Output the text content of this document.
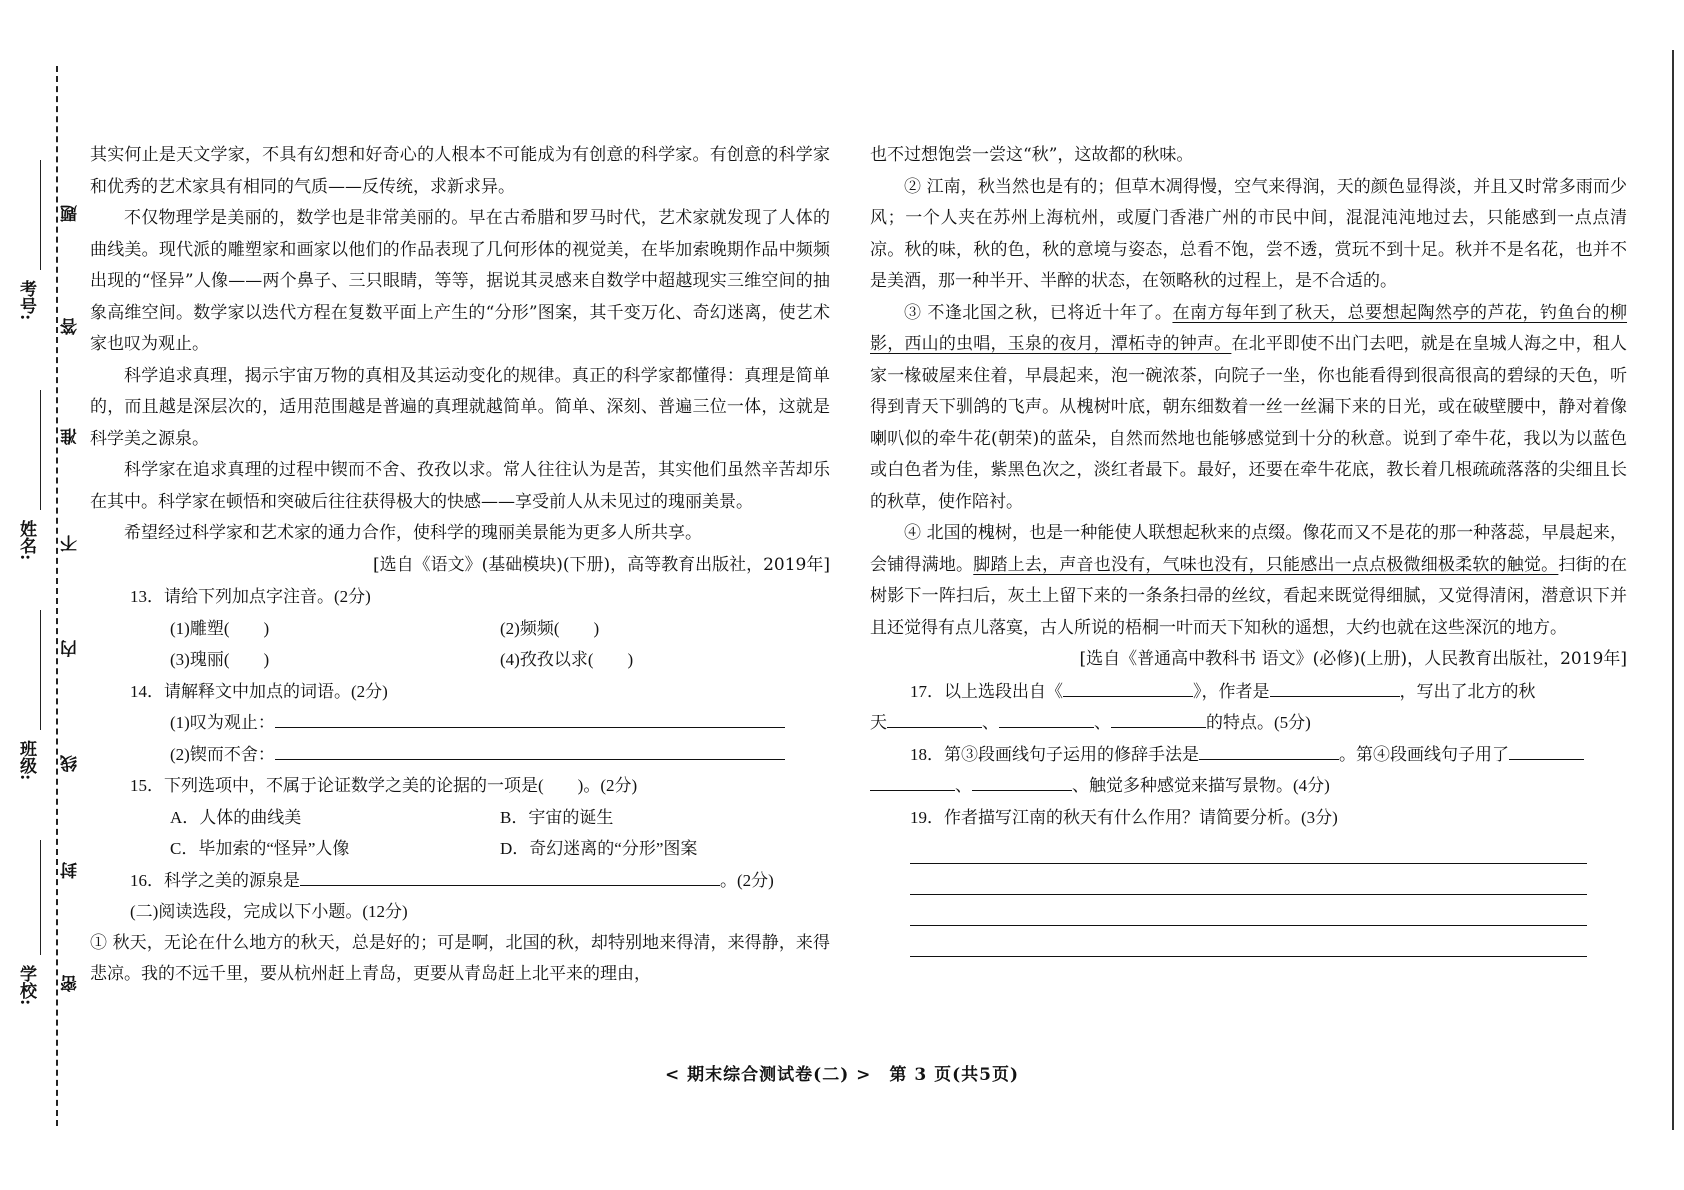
考号:
姓名:
班级:
学校:
题
答
准
不
内
线
封
密

其实何止是天文学家，不具有幻想和好奇心的人根本不可能成为有创意的科学家。有创意的科学家和优秀的艺术家具有相同的气质——反传统，求新求异。

不仅物理学是美丽的，数学也是非常美丽的。早在古希腊和罗马时代，艺术家就发现了人体的曲线美。现代派的雕塑家和画家以他们的作品表现了几何形体的视觉美，在毕加索晚期作品中频频出现的“怪异”人像——两个鼻子、三只眼睛，等等，据说其灵感来自数学中超越现实三维空间的抽象高维空间。数学家以迭代方程在复数平面上产生的“分形”图案，其千变万化、奇幻迷离，使艺术家也叹为观止。

科学追求真理，揭示宇宙万物的真相及其运动变化的规律。真正的科学家都懂得：真理是简单的，而且越是深层次的，适用范围越是普遍的真理就越简单。简单、深刻、普遍三位一体，这就是科学美之源泉。

科学家在追求真理的过程中锲而不舍、孜孜以求。常人往往认为是苦，其实他们虽然辛苦却乐在其中。科学家在顿悟和突破后往往获得极大的快感——享受前人从未见过的瑰丽美景。

希望经过科学家和艺术家的通力合作，使科学的瑰丽美景能为更多人所共享。

[选自《语文》(基础模块)(下册)，高等教育出版社，2019年]

13．请给下列加点字注音。(2分)

(1)雕塑(　　)	(2)频频(　　)
(3)瑰丽(　　)	(4)孜孜以求(　　)

14．请解释文中加点的词语。(2分)

(1)叹为观止：

(2)锲而不舍：

15．下列选项中，不属于论证数学之美的论据的一项是(　　)。(2分)

A．人体的曲线美	B．宇宙的诞生
C．毕加索的“怪异”人像	D．奇幻迷离的“分形”图案

16．科学之美的源泉是	。(2分)

(二)阅读选段，完成以下小题。(12分)

① 秋天，无论在什么地方的秋天，总是好的；可是啊，北国的秋，却特别地来得清，来得静，来得悲凉。我的不远千里，要从杭州赶上青岛，更要从青岛赶上北平来的理由，

也不过想饱尝一尝这“秋”，这故都的秋味。

② 江南，秋当然也是有的；但草木凋得慢，空气来得润，天的颜色显得淡，并且又时常多雨而少风；一个人夹在苏州上海杭州，或厦门香港广州的市民中间，混混沌沌地过去，只能感到一点点清凉。秋的味，秋的色，秋的意境与姿态，总看不饱，尝不透，赏玩不到十足。秋并不是名花，也并不是美酒，那一种半开、半醉的状态，在领略秋的过程上，是不合适的。

③ 不逢北国之秋，已将近十年了。在南方每年到了秋天，总要想起陶然亭的芦花，钓鱼台的柳影，西山的虫唱，玉泉的夜月，潭柘寺的钟声。在北平即使不出门去吧，就是在皇城人海之中，租人家一椽破屋来住着，早晨起来，泡一碗浓茶，向院子一坐，你也能看得到很高很高的碧绿的天色，听得到青天下驯鸽的飞声。从槐树叶底，朝东细数着一丝一丝漏下来的日光，或在破壁腰中，静对着像喇叭似的牵牛花(朝荣)的蓝朵，自然而然地也能够感觉到十分的秋意。说到了牵牛花，我以为以蓝色或白色者为佳，紫黑色次之，淡红者最下。最好，还要在牵牛花底，教长着几根疏疏落落的尖细且长的秋草，使作陪衬。

④ 北国的槐树，也是一种能使人联想起秋来的点缀。像花而又不是花的那一种落蕊，早晨起来，会铺得满地。脚踏上去，声音也没有，气味也没有，只能感出一点点极微细极柔软的触觉。扫街的在树影下一阵扫后，灰土上留下来的一条条扫帚的丝纹，看起来既觉得细腻，又觉得清闲，潜意识下并且还觉得有点儿落寞，古人所说的梧桐一叶而天下知秋的遥想，大约也就在这些深沉的地方。

[选自《普通高中教科书 语文》(必修)(上册)，人民教育出版社，2019年]

17．以上选段出自《	》，作者是	，写出了北方的秋

天	、	、	的特点。(5分)

18．第③段画线句子运用的修辞手法是	。第④段画线句子用了

、	、触觉多种感觉来描写景物。(4分)

19．作者描写江南的秋天有什么作用？请简要分析。(3分)

< 期末综合测试卷(二) >　第 3 页(共5页)
